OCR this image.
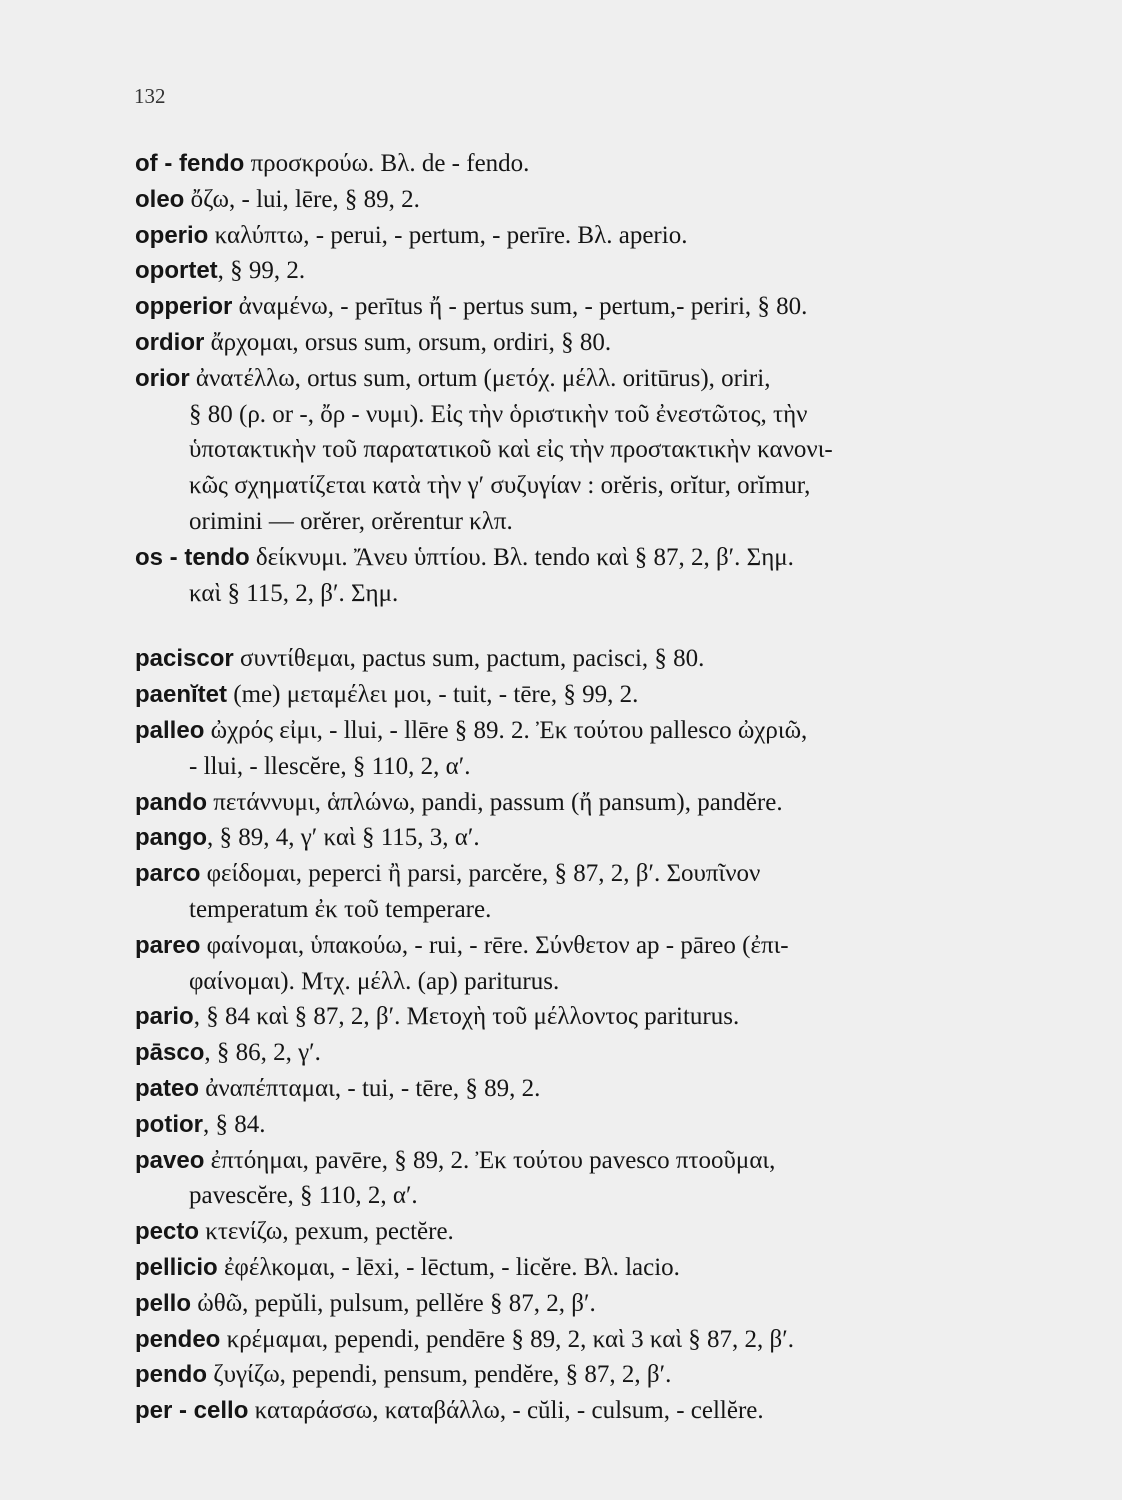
132
of - fendo προσκρούω. Βλ. de - fendo.
oleo ὄζω, - lui, lēre, § 89, 2.
operio καλύπτω, - perui, - pertum, - perīre. Βλ. aperio.
oportet, § 99, 2.
opperior ἀναμένω, - perītus ἤ - pertus sum, - pertum,- periri, § 80.
ordior ἄρχομαι, orsus sum, orsum, ordiri, § 80.
orior ἀνατέλλω, ortus sum, ortum (μετόχ. μέλλ. oritūrus), oriri,
§ 80 (ρ. or -, ὄρ - νυμι). Εἰς τὴν ὁριστικὴν τοῦ ἐνεστῶτος, τὴν
ὑποτακτικὴν τοῦ παρατατικοῦ καὶ εἰς τὴν προστακτικὴν κανονι-
κῶς σχηματίζεται κατὰ τὴν γ′ συζυγίαν : orĕris, orĭtur, orĭmur,
orimini — orĕrer, orĕrentur κλπ.
os - tendo δείκνυμι. Ἄνευ ὑπτίου. Βλ. tendo καὶ § 87, 2, β′. Σημ.
καὶ § 115, 2, β′. Σημ.
paciscor συντίθεμαι, pactus sum, pactum, pacisci, § 80.
paenĭtet (me) μεταμέλει μοι, - tuit, - tēre, § 99, 2.
palleo ὠχρός εἰμι, - llui, - llēre § 89. 2. Ἐκ τούτου pallesco ὠχριῶ,
- llui, - llescĕre, § 110, 2, α′.
pando πετάννυμι, ἁπλώνω, pandi, passum (ἤ pansum), pandĕre.
pango, § 89, 4, γ′ καὶ § 115, 3, α′.
parco φείδομαι, peperci ἢ parsi, parcĕre, § 87, 2, β′. Σουπῖνον
temperatum ἐκ τοῦ temperare.
pareo φαίνομαι, ὑπακούω, - rui, - rēre. Σύνθετον ap - pāreo (ἐπι-
φαίνομαι). Μτχ. μέλλ. (ap) pariturus.
pario, § 84 καὶ § 87, 2, β′. Μετοχὴ τοῦ μέλλοντος pariturus.
pāsco, § 86, 2, γ′.
pateo ἀναπέπταμαι, - tui, - tēre, § 89, 2.
potior, § 84.
paveo ἐπτόημαι, pavēre, § 89, 2. Ἐκ τούτου pavesco πτοοῦμαι,
pavescĕre, § 110, 2, α′.
pecto κτενίζω, pexum, pectĕre.
pellicio ἐφέλκομαι, - lēxi, - lēctum, - licĕre. Βλ. lacio.
pello ὠθῶ, pepŭli, pulsum, pellĕre § 87, 2, β′.
pendeo κρέμαμαι, pependi, pendēre § 89, 2, καὶ 3 καὶ § 87, 2, β′.
pendo ζυγίζω, pependi, pensum, pendĕre, § 87, 2, β′.
per - cello καταράσσω, καταβάλλω, - cŭli, - culsum, - cellĕre.
